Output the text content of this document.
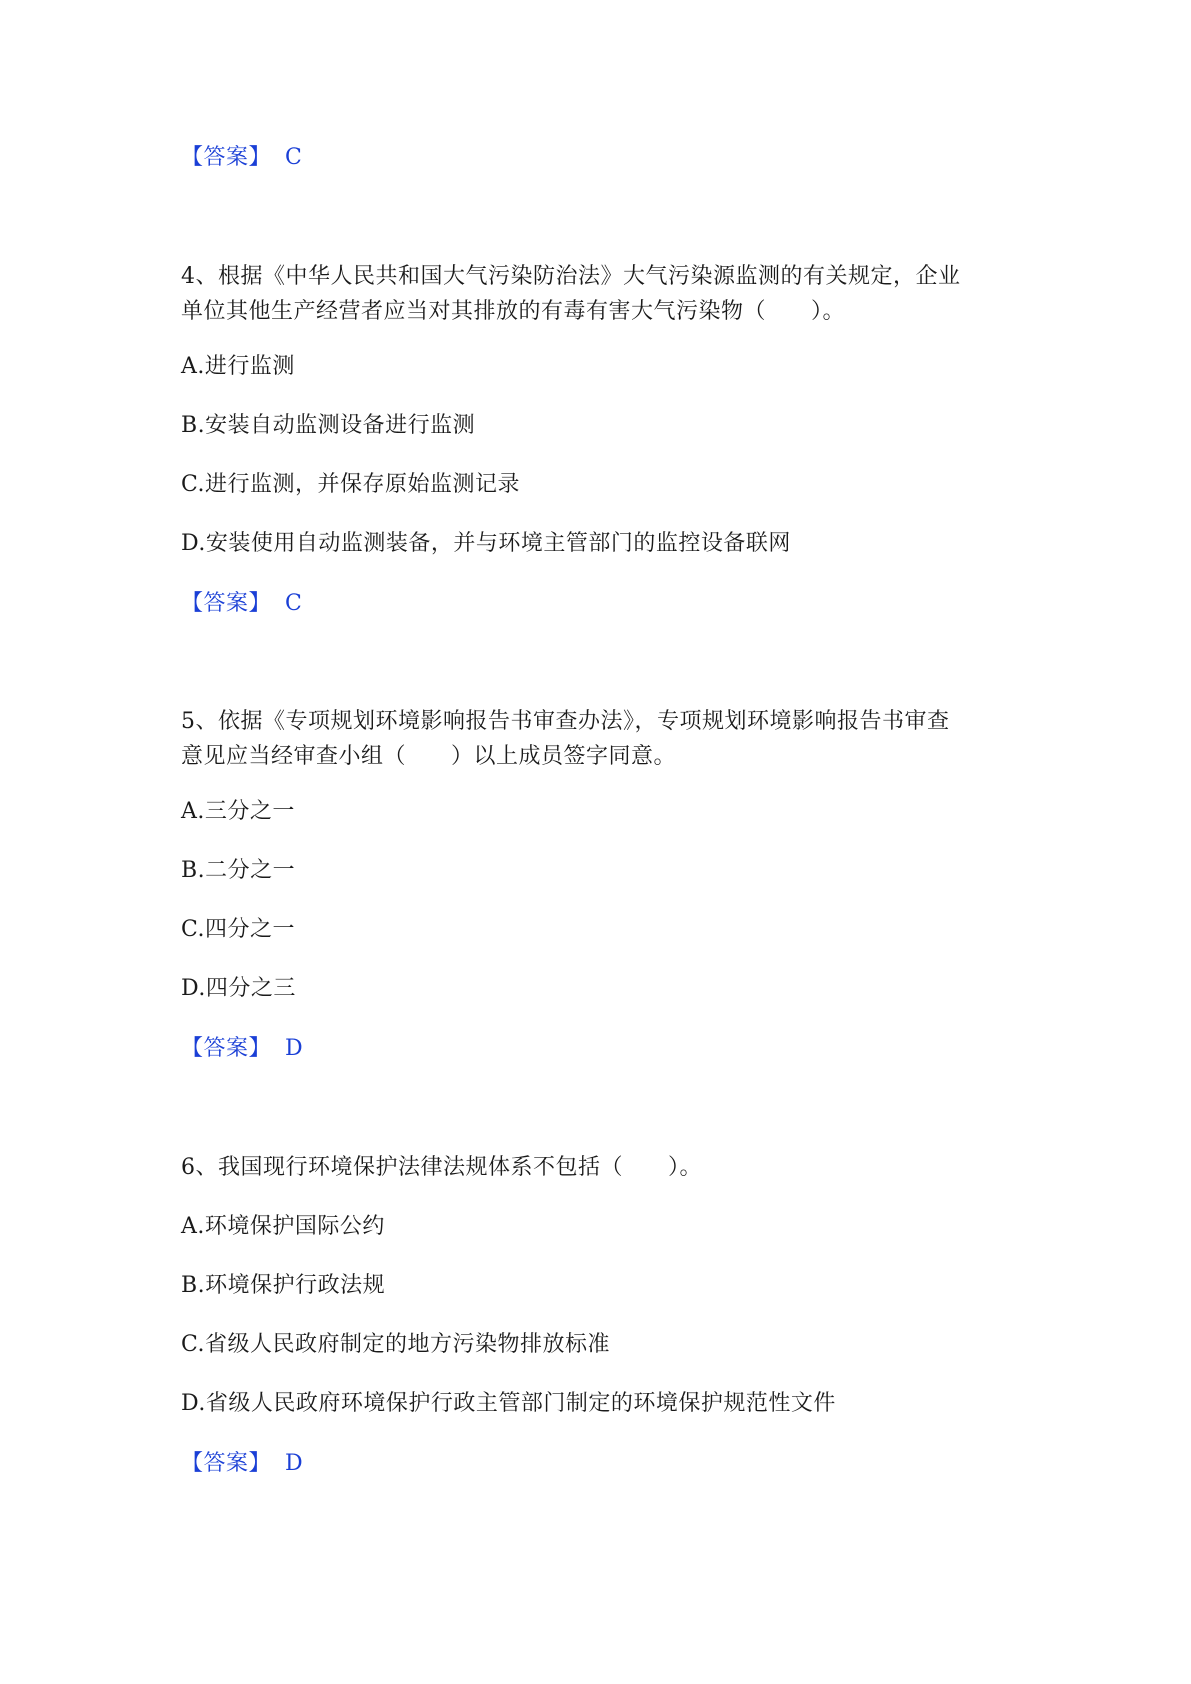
【答案】 C
4、根据《中华人民共和国大气污染防治法》大气污染源监测的有关规定，企业
单位其他生产经营者应当对其排放的有毒有害大气污染物（　　）。
A.进行监测
B.安装自动监测设备进行监测
C.进行监测，并保存原始监测记录
D.安装使用自动监测装备，并与环境主管部门的监控设备联网
【答案】 C
5、依据《专项规划环境影响报告书审查办法》，专项规划环境影响报告书审查
意见应当经审查小组（　　）以上成员签字同意。
A.三分之一
B.二分之一
C.四分之一
D.四分之三
【答案】 D
6、我国现行环境保护法律法规体系不包括（　　）。
A.环境保护国际公约
B.环境保护行政法规
C.省级人民政府制定的地方污染物排放标准
D.省级人民政府环境保护行政主管部门制定的环境保护规范性文件
【答案】 D
